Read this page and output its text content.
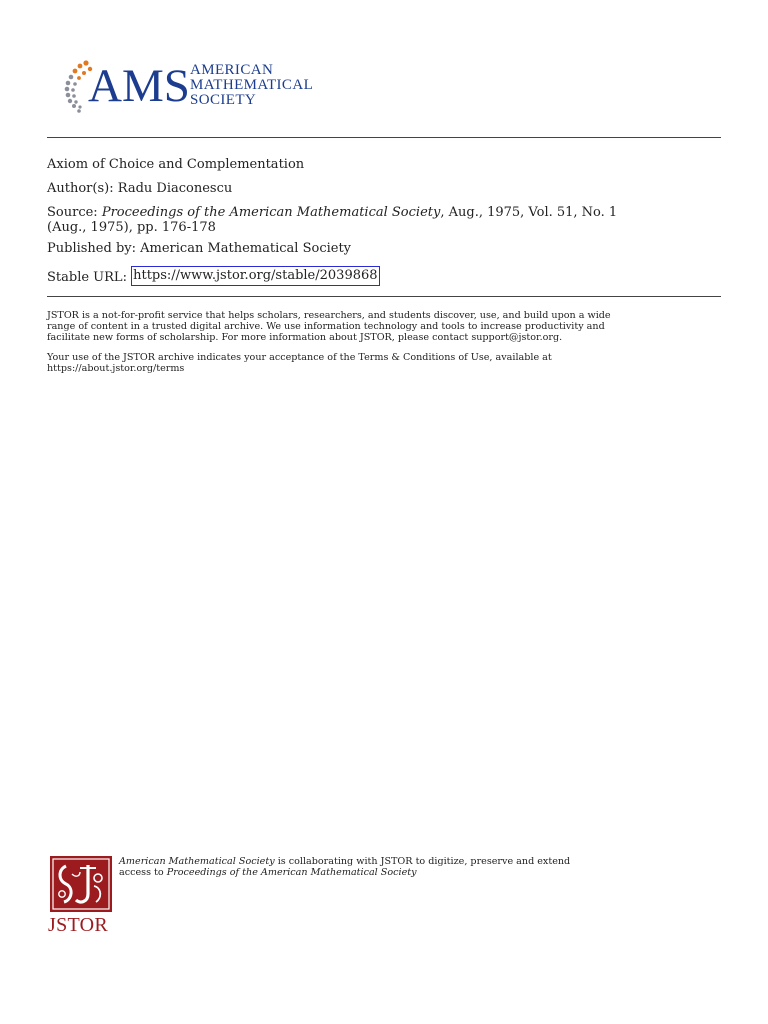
AMS AMERICAN
MATHEMATICAL
SOCIETY
Axiom of Choice and Complementation
Author(s): Radu Diaconescu
Source: Proceedings of the American Mathematical Society, Aug., 1975, Vol. 51, No. 1
(Aug., 1975), pp. 176-178
Published by: American Mathematical Society
Stable URL: https://www.jstor.org/stable/2039868
JSTOR is a not-for-profit service that helps scholars, researchers, and students discover, use, and build upon a wide
range of content in a trusted digital archive. We use information technology and tools to increase productivity and
facilitate new forms of scholarship. For more information about JSTOR, please contact support@jstor.org.
Your use of the JSTOR archive indicates your acceptance of the Terms & Conditions of Use, available at
https://about.jstor.org/terms
JSTOR
American Mathematical Society is collaborating with JSTOR to digitize, preserve and extend
access to Proceedings of the American Mathematical Society
